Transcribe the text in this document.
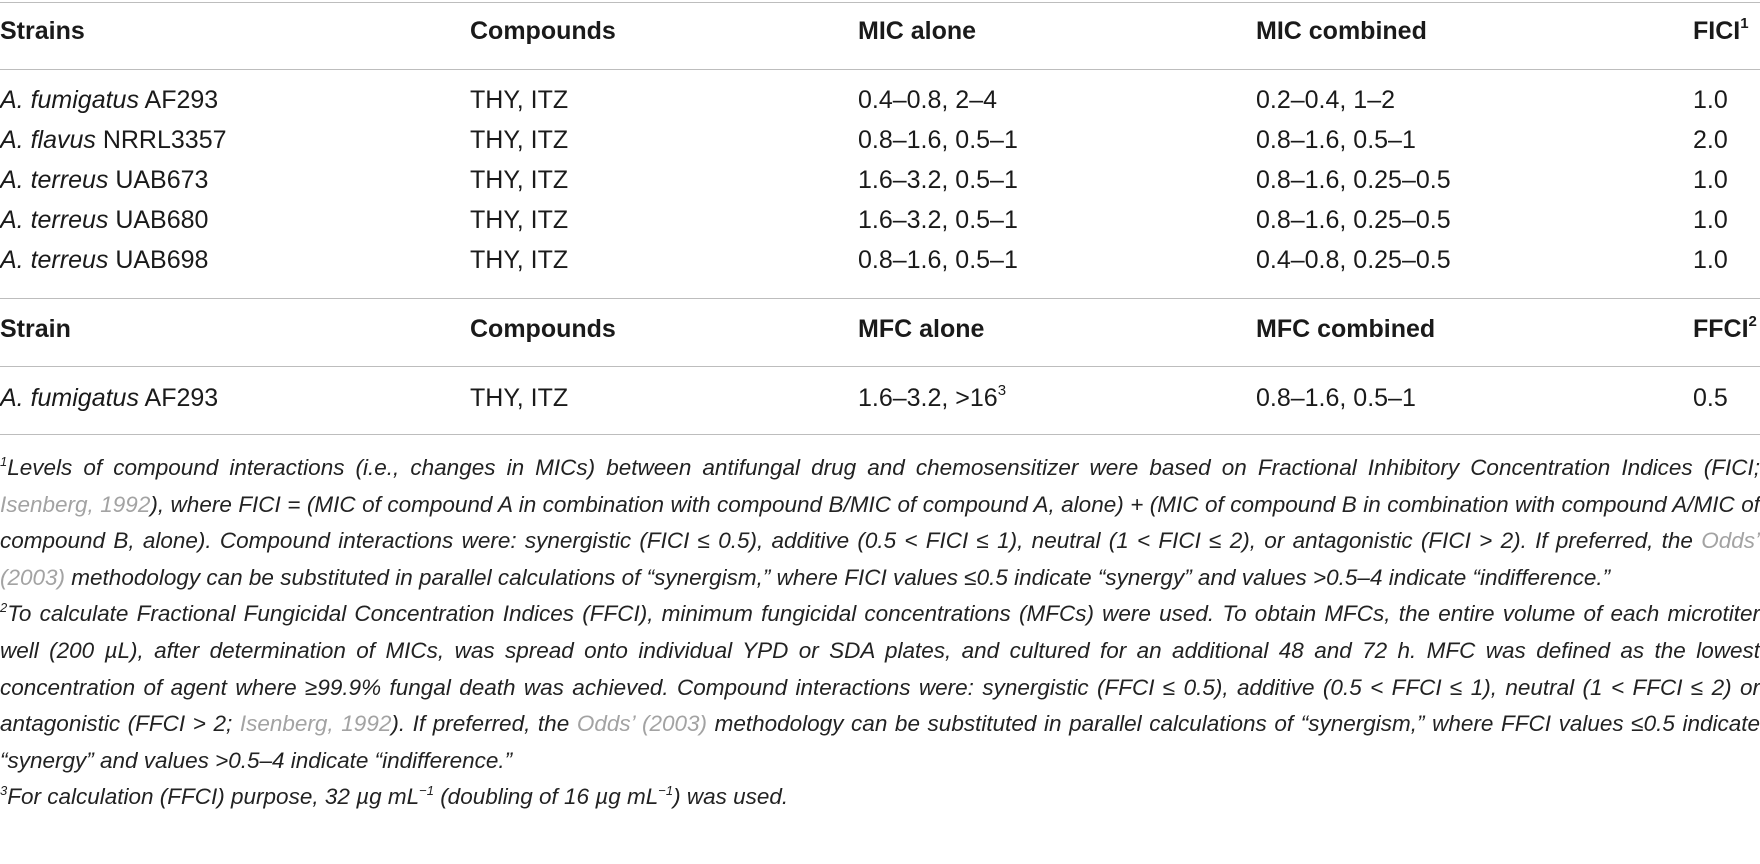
Strains	Compounds	MIC alone	MIC combined	FICI$^1$
A. fumigatus AF293	THY, ITZ	0.4–0.8, 2–4	0.2–0.4, 1–2	1.0
A. flavus NRRL3357	THY, ITZ	0.8–1.6, 0.5–1	0.8–1.6, 0.5–1	2.0
A. terreus UAB673	THY, ITZ	1.6–3.2, 0.5–1	0.8–1.6, 0.25–0.5	1.0
A. terreus UAB680	THY, ITZ	1.6–3.2, 0.5–1	0.8–1.6, 0.25–0.5	1.0
A. terreus UAB698	THY, ITZ	0.8–1.6, 0.5–1	0.4–0.8, 0.25–0.5	1.0
Strain	Compounds	MFC alone	MFC combined	FFCI$^2$
A. fumigatus AF293	THY, ITZ	1.6–3.2, $>16^3$	0.8–1.6, 0.5–1	0.5

$^1$Levels of compound interactions (i.e., changes in MICs) between antifungal drug and chemosensitizer were based on Fractional Inhibitory Concentration Indices (FICI; Isenberg, 1992), where FICI = (MIC of compound A in combination with compound B/MIC of compound A, alone) + (MIC of compound B in combination with compound A/MIC of compound B, alone). Compound interactions were: synergistic (FICI ≤ 0.5), additive (0.5 < FICI ≤ 1), neutral (1 < FICI ≤ 2), or antagonistic (FICI > 2). If preferred, the Odds’ (2003) methodology can be substituted in parallel calculations of “synergism,” where FICI values ≤0.5 indicate “synergy” and values >0.5–4 indicate “indifference.”

$^2$To calculate Fractional Fungicidal Concentration Indices (FFCI), minimum fungicidal concentrations (MFCs) were used. To obtain MFCs, the entire volume of each microtiter well (200 µL), after determination of MICs, was spread onto individual YPD or SDA plates, and cultured for an additional 48 and 72 h. MFC was defined as the lowest concentration of agent where ≥99.9% fungal death was achieved. Compound interactions were: synergistic (FFCI ≤ 0.5), additive (0.5 < FFCI ≤ 1), neutral (1 < FFCI ≤ 2) or antagonistic (FFCI > 2; Isenberg, 1992). If preferred, the Odds’ (2003) methodology can be substituted in parallel calculations of “synergism,” where FFCI values ≤0.5 indicate “synergy” and values >0.5–4 indicate “indifference.”

$^3$For calculation (FFCI) purpose, 32 µg $mL^{-1}$ (doubling of 16 µg $mL^{-1}$) was used.
